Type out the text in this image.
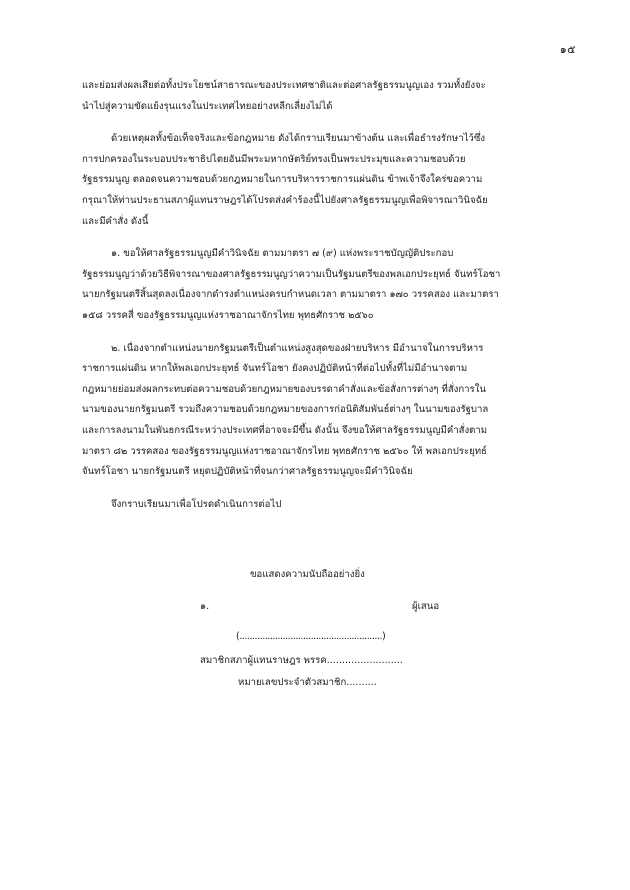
๑๕
และย่อมส่งผลเสียต่อทั้งประโยชน์สาธารณะของประเทศชาติและต่อศาลรัฐธรรมนูญเอง รวมทั้งยังจะ
นำไปสู่ความขัดแย้งรุนแรงในประเทศไทยอย่างหลีกเลี่ยงไม่ได้
ด้วยเหตุผลทั้งข้อเท็จจริงและข้อกฎหมาย ดังได้กราบเรียนมาข้างต้น และเพื่อธำรงรักษาไว้ซึ่ง
การปกครองในระบอบประชาธิปไตยอันมีพระมหากษัตริย์ทรงเป็นพระประมุขและความชอบด้วย
รัฐธรรมนูญ ตลอดจนความชอบด้วยกฎหมายในการบริหารราชการแผ่นดิน ข้าพเจ้าจึงใคร่ขอความ
กรุณาให้ท่านประธานสภาผู้แทนราษฎรได้โปรดส่งคำร้องนี้ไปยังศาลรัฐธรรมนูญเพื่อพิจารณาวินิจฉัย
และมีคำสั่ง ดังนี้
๑. ขอให้ศาลรัฐธรรมนูญมีคำวินิจฉัย ตามมาตรา ๗ (๙) แห่งพระราชบัญญัติประกอบ
รัฐธรรมนูญว่าด้วยวิธีพิจารณาของศาลรัฐธรรมนูญว่าความเป็นรัฐมนตรีของพลเอกประยุทธ์ จันทร์โอชา
นายกรัฐมนตรีสิ้นสุดลงเนื่องจากดำรงตำแหน่งครบกำหนดเวลา ตามมาตรา ๑๗๐ วรรคสอง และมาตรา
๑๕๘ วรรคสี่ ของรัฐธรรมนูญแห่งราชอาณาจักรไทย พุทธศักราช ๒๕๖๐
๒. เนื่องจากตำแหน่งนายกรัฐมนตรีเป็นตำแหน่งสูงสุดของฝ่ายบริหาร มีอำนาจในการบริหาร
ราชการแผ่นดิน หากให้พลเอกประยุทธ์ จันทร์โอชา ยังคงปฏิบัติหน้าที่ต่อไปทั้งที่ไม่มีอำนาจตาม
กฎหมายย่อมส่งผลกระทบต่อความชอบด้วยกฎหมายของบรรดาคำสั่งและข้อสั่งการต่างๆ ที่สั่งการใน
นามของนายกรัฐมนตรี รวมถึงความชอบด้วยกฎหมายของการก่อนิติสัมพันธ์ต่างๆ ในนามของรัฐบาล
และการลงนามในพันธกรณีระหว่างประเทศที่อาจจะมีขึ้น ดังนั้น จึงขอให้ศาลรัฐธรรมนูญมีคำสั่งตาม
มาตรา ๘๒ วรรคสอง ของรัฐธรรมนูญแห่งราชอาณาจักรไทย พุทธศักราช ๒๕๖๐ ให้ พลเอกประยุทธ์
จันทร์โอชา นายกรัฐมนตรี หยุดปฏิบัติหน้าที่จนกว่าศาลรัฐธรรมนูญจะมีคำวินิจฉัย
จึงกราบเรียนมาเพื่อโปรดดำเนินการต่อไป
ขอแสดงความนับถืออย่างยิ่ง
๑.	ผู้เสนอ
(........................................................)
สมาชิกสภาผู้แทนราษฎร พรรค.........................
หมายเลขประจำตัวสมาชิก..........
